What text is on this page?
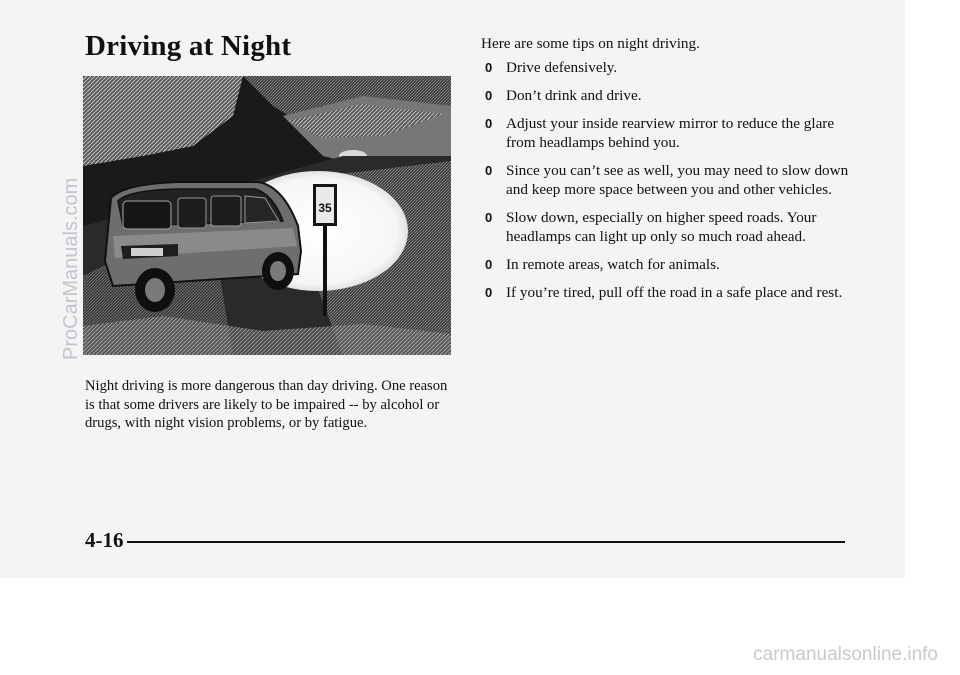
Driving at Night
35

Night driving is more dangerous than day driving. One reason is that some drivers are likely to be impaired -- by alcohol or drugs, with night vision problems, or by fatigue.

Here are some tips on night driving.

0 Drive defensively.
0 Don’t drink and drive.
0 Adjust your inside rearview mirror to reduce the glare from headlamps behind you.
0 Since you can’t see as well, you may need to slow down and keep more space between you and other vehicles.
0 Slow down, especially on higher speed roads. Your headlamps can light up only so much road ahead.
0 In remote areas, watch for animals.
0 If you’re tired, pull off the road in a safe place and rest.

4-16

ProCarManuals.com
carmanualsonline.info
